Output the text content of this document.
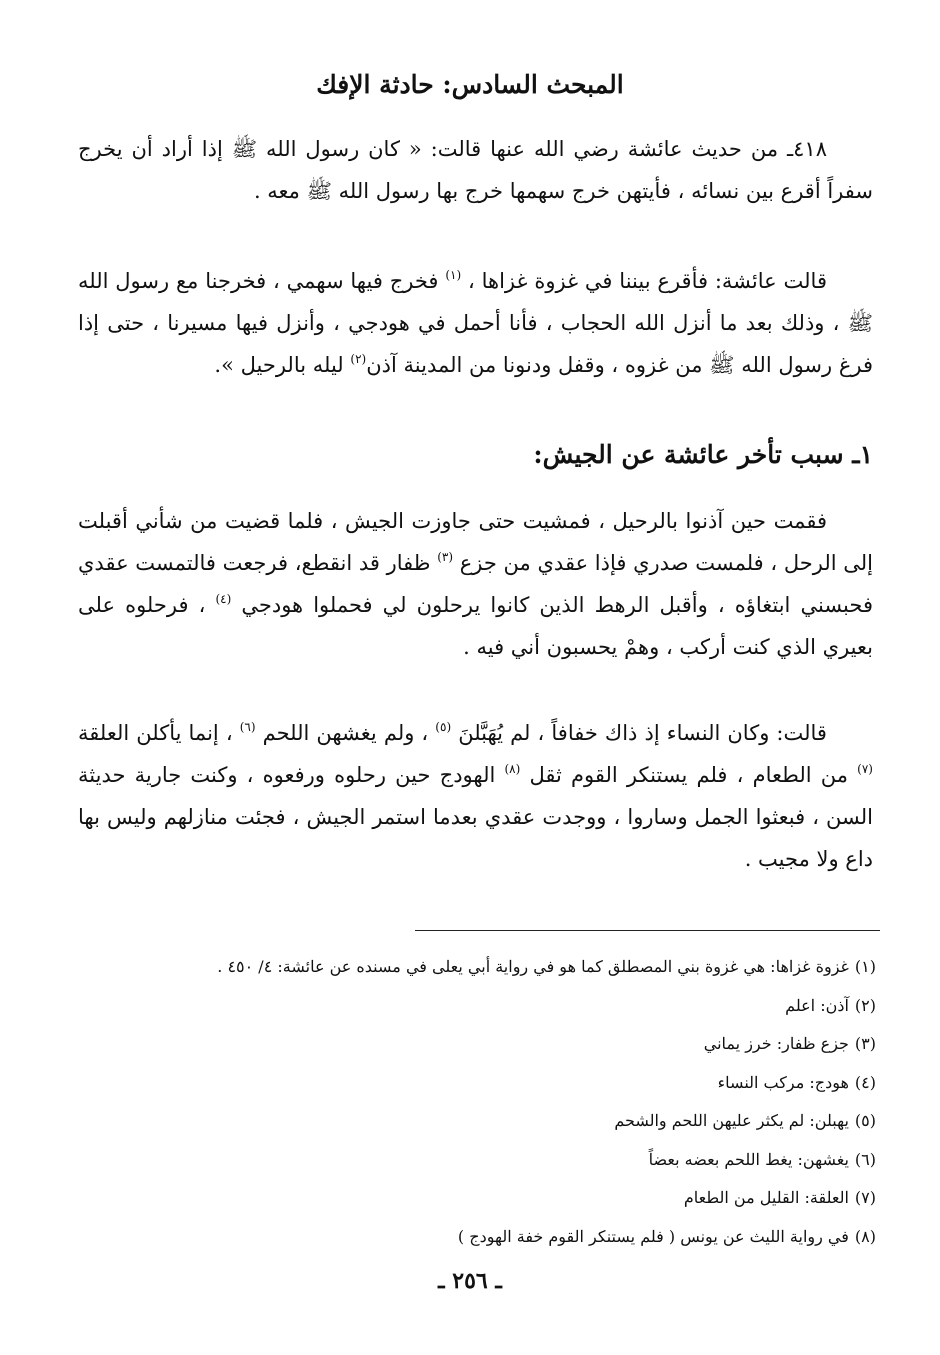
المبحث السادس: حادثة الإفك

٤١٨ـ من حديث عائشة رضي الله عنها قالت: « كان رسول الله ﷺ إذا أراد أن يخرج سفراً أقرع بين نسائه ، فأيتهن خرج سهمها خرج بها رسول الله ﷺ معه .

قالت عائشة: فأقرع بيننا في غزوة غزاها ، $^{(١)}$ فخرج فيها سهمي ، فخرجنا مع رسول الله ﷺ ، وذلك بعد ما أنزل الله الحجاب ، فأنا أحمل في هودجي ، وأنزل فيها مسيرنا ، حتى إذا فرغ رسول الله ﷺ من غزوه ، وقفل ودنونا من المدينة آذن$^{(٢)}$ ليله بالرحيل ».

١ـ سبب تأخر عائشة عن الجيش:

فقمت حين آذنوا بالرحيل ، فمشيت حتى جاوزت الجيش ، فلما قضيت من شأني أقبلت إلى الرحل ، فلمست صدري فإذا عقدي من جزع $^{(٣)}$ ظفار قد انقطع، فرجعت فالتمست عقدي فحبسني ابتغاؤه ، وأقبل الرهط الذين كانوا يرحلون لي فحملوا هودجي $^{(٤)}$ ، فرحلوه على بعيري الذي كنت أركب ، وهمْ يحسبون أني فيه .

قالت: وكان النساء إذ ذاك خفافاً ، لم يُهَبَّلنَ $^{(٥)}$ ، ولم يغشهن اللحم $^{(٦)}$ ، إنما يأكلن العلقة $^{(٧)}$ من الطعام ، فلم يستنكر القوم ثقل $^{(٨)}$ الهودج حين رحلوه ورفعوه ، وكنت جارية حديثة السن ، فبعثوا الجمل وساروا ، ووجدت عقدي بعدما استمر الجيش ، فجئت منازلهم وليس بها داع ولا مجيب .

(١)غزوة غزاها: هي غزوة بني المصطلق كما هو في رواية أبي يعلى في مسنده عن عائشة: ٤/ ٤٥٠ .
(٢)آذن: اعلم
(٣)جزع ظفار: خرز يماني
(٤)هودج: مركب النساء
(٥)يهبلن: لم يكثر عليهن اللحم والشحم
(٦)يغشهن: يغط اللحم بعضه بعضاً
(٧)العلقة: القليل من الطعام
(٨)في رواية الليث عن يونس ( فلم يستنكر القوم خفة الهودج )
ـ ٢٥٦ ـ
